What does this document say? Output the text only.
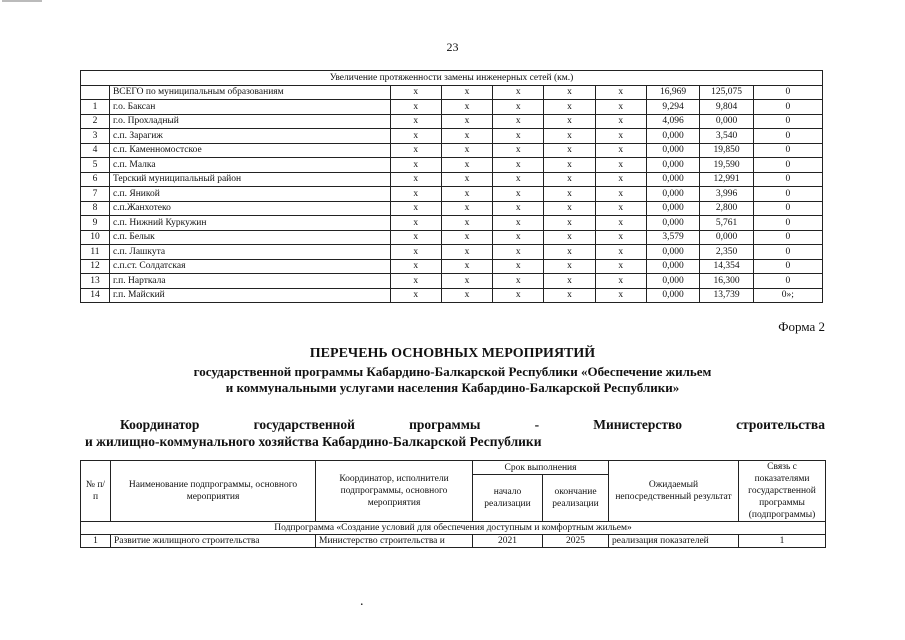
23
Увеличение протяженности замены инженерных сетей (км.)									
	ВСЕГО по муниципальным образованиям	x	x	x	x	x	16,969	125,075	0
1	г.о. Баксан	x	x	x	x	x	9,294	9,804	0
2	г.о. Прохладный	x	x	x	x	x	4,096	0,000	0
3	с.п. Зарагиж	x	x	x	x	x	0,000	3,540	0
4	с.п. Каменномостское	x	x	x	x	x	0,000	19,850	0
5	с.п. Малка	x	x	x	x	x	0,000	19,590	0
6	Терский муниципальный район	x	x	x	x	x	0,000	12,991	0
7	с.п. Яникой	x	x	x	x	x	0,000	3,996	0
8	с.п.Жанхотеко	x	x	x	x	x	0,000	2,800	0
9	с.п. Нижний Куркужин	x	x	x	x	x	0,000	5,761	0
10	с.п. Белык	x	x	x	x	x	3,579	0,000	0
11	с.п. Лашкута	x	x	x	x	x	0,000	2,350	0
12	с.п.ст. Солдатская	x	x	x	x	x	0,000	14,354	0
13	г.п. Нарткала	x	x	x	x	x	0,000	16,300	0
14	г.п. Майский	x	x	x	x	x	0,000	13,739	0»;
Форма 2
ПЕРЕЧЕНЬ ОСНОВНЫХ МЕРОПРИЯТИЙ
государственной программы Кабардино-Балкарской Республики «Обеспечение жильем
и коммунальными услугами населения Кабардино-Балкарской Республики»
Координатор	государственной	программы	-	Министерство	строительства
и жилищно-коммунального хозяйства Кабардино-Балкарской Республики
№ п/п	Наименование подпрограммы, основного мероприятия	Координатор, исполнители подпрограммы, основного мероприятия	Срок выполнения		Ожидаемый непосредственный результат	Связь с показателями государственной программы (подпрограммы)
			начало реализации	окончание реализации		
Подпрограмма «Создание условий для обеспечения доступным и комфортным жильем»						
1	Развитие жилищного строительства	Министерство строительства и	2021	2025	реализация показателей	1
.
